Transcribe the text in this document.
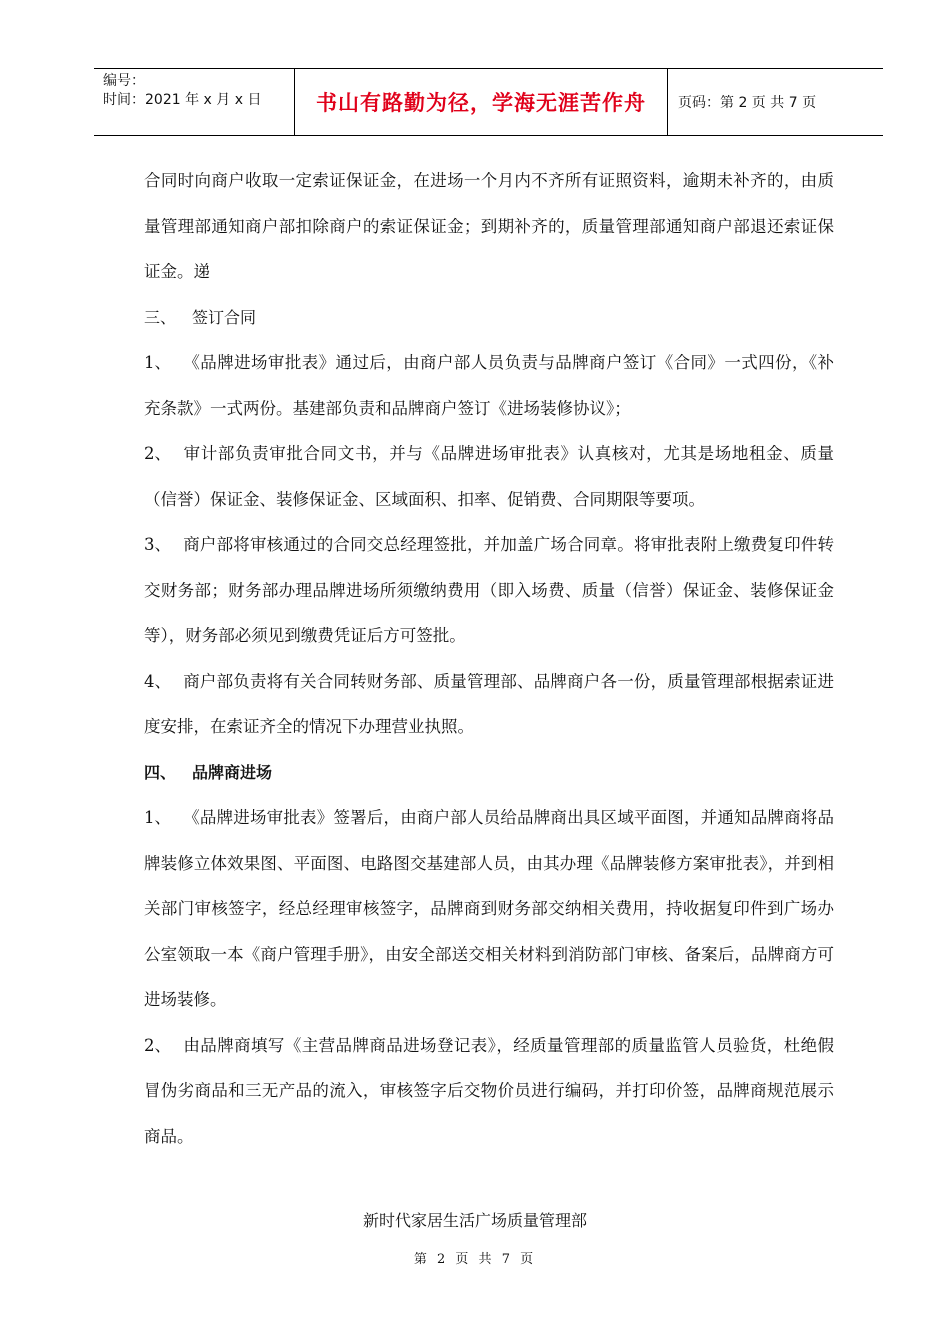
编号：
时间：2021 年 x 月 x 日	书山有路勤为径，学海无涯苦作舟	页码：第 2 页 共 7 页

合同时向商户收取一定索证保证金，在进场一个月内不齐所有证照资料，逾期未补齐的，由质量管理部通知商户部扣除商户的索证保证金；到期补齐的，质量管理部通知商户部退还索证保证金。递

三、 签订合同

1、 《品牌进场审批表》通过后，由商户部人员负责与品牌商户签订《合同》一式四份，《补充条款》一式两份。基建部负责和品牌商户签订《进场装修协议》；

2、 审计部负责审批合同文书，并与《品牌进场审批表》认真核对，尤其是场地租金、质量（信誉）保证金、装修保证金、区域面积、扣率、促销费、合同期限等要项。

3、 商户部将审核通过的合同交总经理签批，并加盖广场合同章。将审批表附上缴费复印件转交财务部；财务部办理品牌进场所须缴纳费用（即入场费、质量（信誉）保证金、装修保证金等），财务部必须见到缴费凭证后方可签批。

4、 商户部负责将有关合同转财务部、质量管理部、品牌商户各一份，质量管理部根据索证进度安排，在索证齐全的情况下办理营业执照。

四、 品牌商进场

1、 《品牌进场审批表》签署后，由商户部人员给品牌商出具区域平面图，并通知品牌商将品牌装修立体效果图、平面图、电路图交基建部人员，由其办理《品牌装修方案审批表》，并到相关部门审核签字，经总经理审核签字，品牌商到财务部交纳相关费用，持收据复印件到广场办公室领取一本《商户管理手册》，由安全部送交相关材料到消防部门审核、备案后，品牌商方可进场装修。

2、 由品牌商填写《主营品牌商品进场登记表》，经质量管理部的质量监管人员验货，杜绝假冒伪劣商品和三无产品的流入，审核签字后交物价员进行编码，并打印价签，品牌商规范展示商品。

新时代家居生活广场质量管理部
第 2 页 共 7 页
